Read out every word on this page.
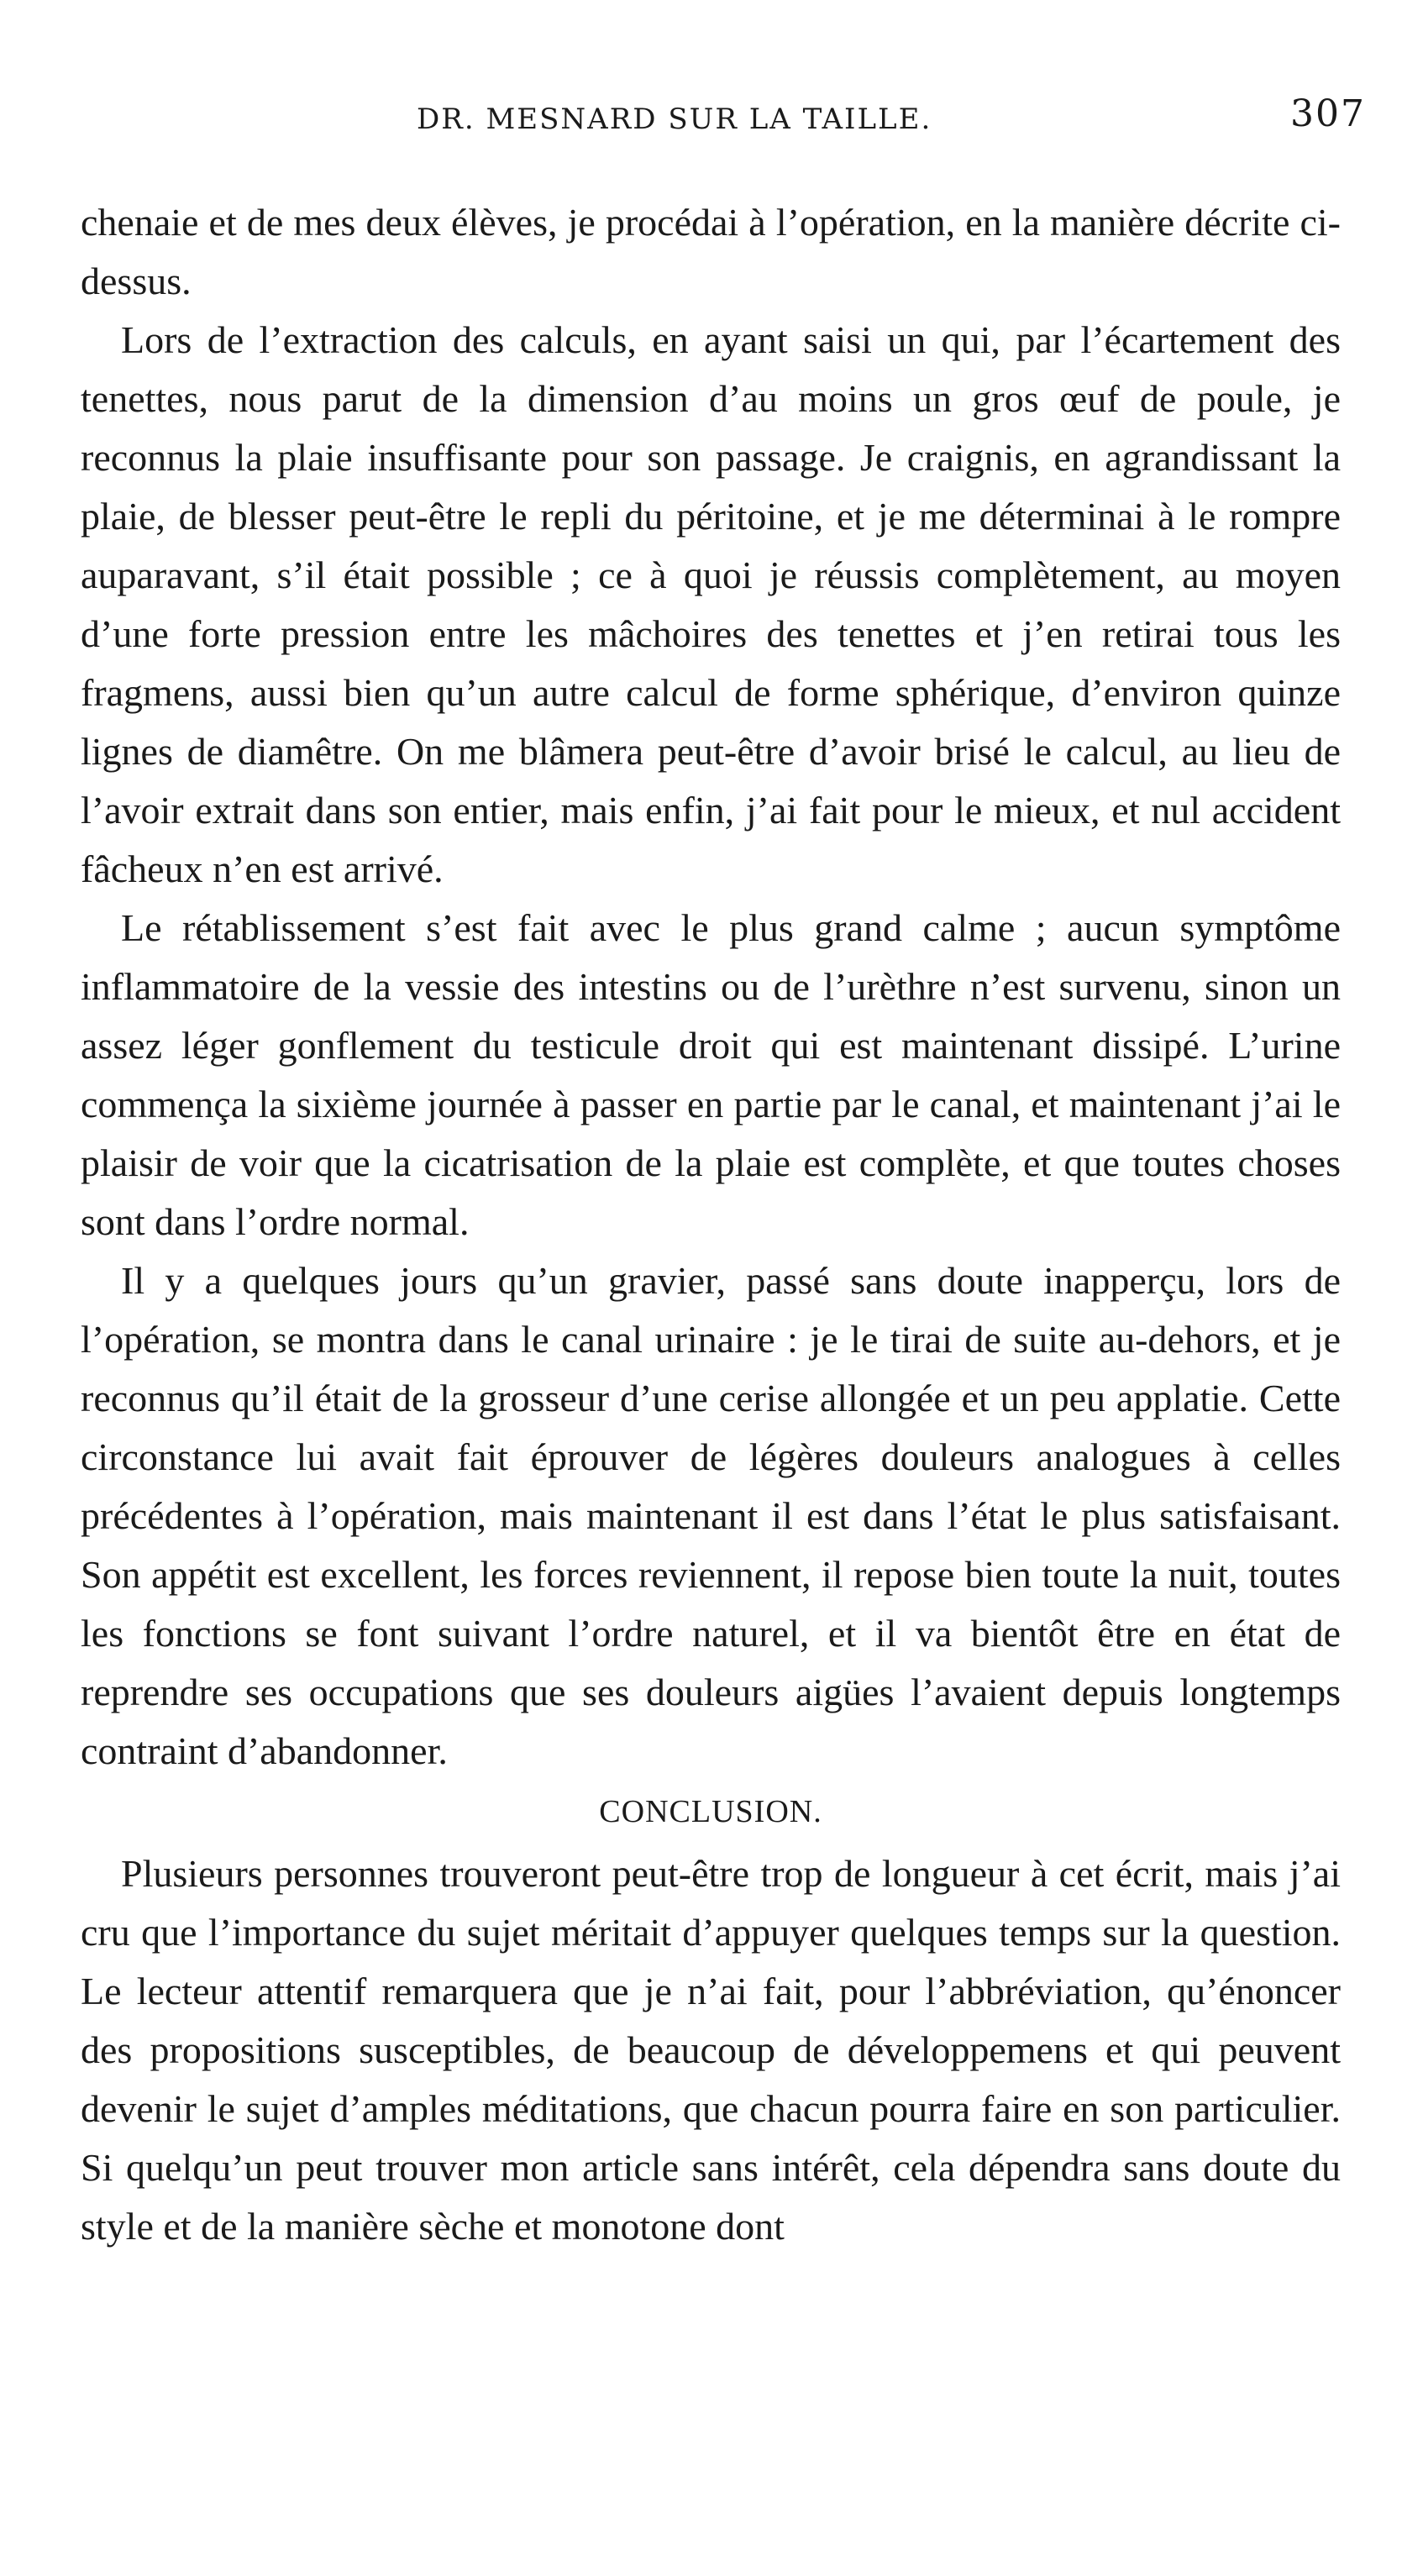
DR. MESNARD SUR LA TAILLE.	307

chenaie et de mes deux élèves, je procédai à l’opération, en la manière décrite ci-dessus.

Lors de l’extraction des calculs, en ayant saisi un qui, par l’écartement des tenettes, nous parut de la dimension d’au moins un gros œuf de poule, je reconnus la plaie insuffisante pour son passage. Je craignis, en agrandissant la plaie, de blesser peut-être le repli du péritoine, et je me déterminai à le rompre auparavant, s’il était possible ; ce à quoi je réussis complètement, au moyen d’une forte pression entre les mâchoires des tenettes et j’en retirai tous les fragmens, aussi bien qu’un autre calcul de forme sphérique, d’environ quinze lignes de diamêtre. On me blâmera peut-être d’avoir brisé le calcul, au lieu de l’avoir extrait dans son entier, mais enfin, j’ai fait pour le mieux, et nul accident fâcheux n’en est arrivé.

Le rétablissement s’est fait avec le plus grand calme ; aucun symptôme inflammatoire de la vessie des intestins ou de l’urèthre n’est survenu, sinon un assez léger gonflement du testicule droit qui est maintenant dissipé. L’urine commença la sixième journée à passer en partie par le canal, et maintenant j’ai le plaisir de voir que la cicatrisation de la plaie est complète, et que toutes choses sont dans l’ordre normal.

Il y a quelques jours qu’un gravier, passé sans doute inapperçu, lors de l’opération, se montra dans le canal urinaire : je le tirai de suite au-dehors, et je reconnus qu’il était de la grosseur d’une cerise allongée et un peu applatie. Cette circonstance lui avait fait éprouver de légères douleurs analogues à celles précédentes à l’opération, mais maintenant il est dans l’état le plus satisfaisant. Son appétit est excellent, les forces reviennent, il repose bien toute la nuit, toutes les fonctions se font suivant l’ordre naturel, et il va bientôt être en état de reprendre ses occupations que ses douleurs aigües l’avaient depuis longtemps contraint d’abandonner.

CONCLUSION.

Plusieurs personnes trouveront peut-être trop de longueur à cet écrit, mais j’ai cru que l’importance du sujet méritait d’appuyer quelques temps sur la question. Le lecteur attentif remarquera que je n’ai fait, pour l’abbréviation, qu’énoncer des propositions susceptibles, de beaucoup de développemens et qui peuvent devenir le sujet d’amples méditations, que chacun pourra faire en son particulier. Si quelqu’un peut trouver mon article sans intérêt, cela dépendra sans doute du style et de la manière sèche et monotone dont
